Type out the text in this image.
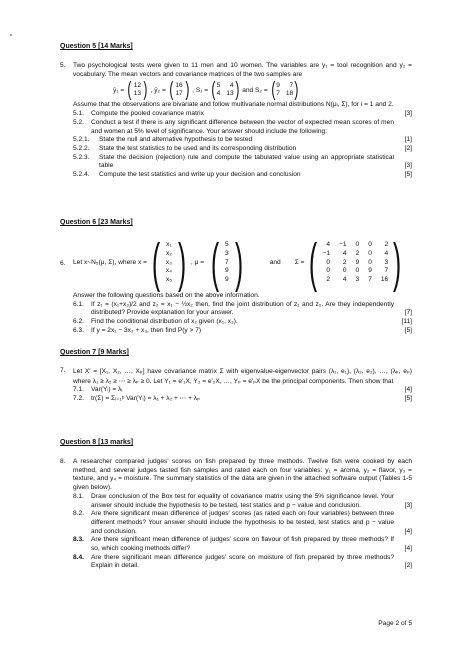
Question 5 [14 Marks]
5. Two psychological tests were given to 11 men and 10 women. The variables are y₁ = tool recognition and y₂ = vocabulary. The mean vectors and covariance matrices of the two samples are
ȳ₁ = ( 12
13 ) , ȳ₂ = ( 16
17 ) , S₁ = ( 5	4
4 13 ) and S₂ = ( 9	7
7 18 )
Assume that the observations are bivariate and follow multivariate normal distributions N(μᵢ, Σ), for i = 1 and 2.
5.1. Compute the pooled covariance matrix	[3]
5.2. Conduct a test if there is any significant difference between the vector of expected mean scores of men and women at 5% level of significance. Your answer should include the following:
5.2.1. State the null and alternative hypothesis to be tested	[1]
5.2.2. State the test statistics to be used and its corresponding distribution	[2]
5.2.3. State the decision (rejection) rule and compute the tabulated value using an appropriate statistical table	[3]
5.2.4. Compute the test statistics and write up your decision and conclusion	[5]
Question 6 [23 Marks]
6. Let x~N₅(μ, Σ), where x = ( x₁
x₂
x₃
x₄
x₅ ) , μ = ( 5
3
7
9
9 )	and Σ = (	4 −1 0 0	2
−1	4 2 0	4
0	2 9 0	3
0	0 0 9	7
2	4 3 7 16 )
Answer the following questions based on the above information.
6.1. If z₁ = (x₁+x₃)/2 and z₂ = x₁ − ½x₂ then, find the joint distribution of z₁ and z₂. Are they independently distributed? Provide explanation for your answer.	[7]
6.2. Find the conditional distribution of x₂ given (x₁, x₃).	[11]
6.3. If y = 2x₁ − 3x₂ + x₃, then find P(y > 7)	[5]
Question 7 [9 Marks]
7. Let X′ = [X₁, X₂, …, Xₚ] have covariance matrix Σ with eigenvalue-eigenvector pairs (λ₁, e₁), (λ₂, e₂), …, (λₚ, eₚ) where λ₁ ≥ λ₂ ≥ ⋯ ≥ λₚ ≥ 0. Let Y₁ = e′₁X, Y₂ = e′₂X, …, Yₚ = e′ₚX be the principal components. Then show that
7.1. Var(Yᵢ) = λᵢ	[4]
7.2. tr(Σ) = Σᵢ₌₁ᵖ Var(Yᵢ) = λ₁ + λ₂ + ⋯ + λₚ	[5]
Question 8 [13 marks]
8. A researcher compared judges' scores on fish prepared by three methods. Twelve fish were cooked by each method, and several judges tasted fish samples and rated each on four variables: y₁ = aroma, y₂ = flavor, y₃ = texture, and y₄ = moisture. The summary statistics of the data are given in the attached software output (Tables 1-5 given below).
8.1. Draw conclusion of the Box test for equality of covariance matrix using the 5% significance level. Your answer should include the hypothesis to be tested, test statics and p − value and conclusion.	[3]
8.2. Are there significant mean difference of judges' scores (as rated each on four variables) between three different methods? Your answer should include the hypothesis to be tested, test statics and p − value and conclusion.	[4]
8.3. Are there significant mean difference of judges' score on flavour of fish prepared by three methods? If so, which cooking methods differ?	[4]
8.4. Are there significant mean difference judges' score on moisture of fish prepared by three methods? Explain in detail.	[2]
Page 2 of 5
